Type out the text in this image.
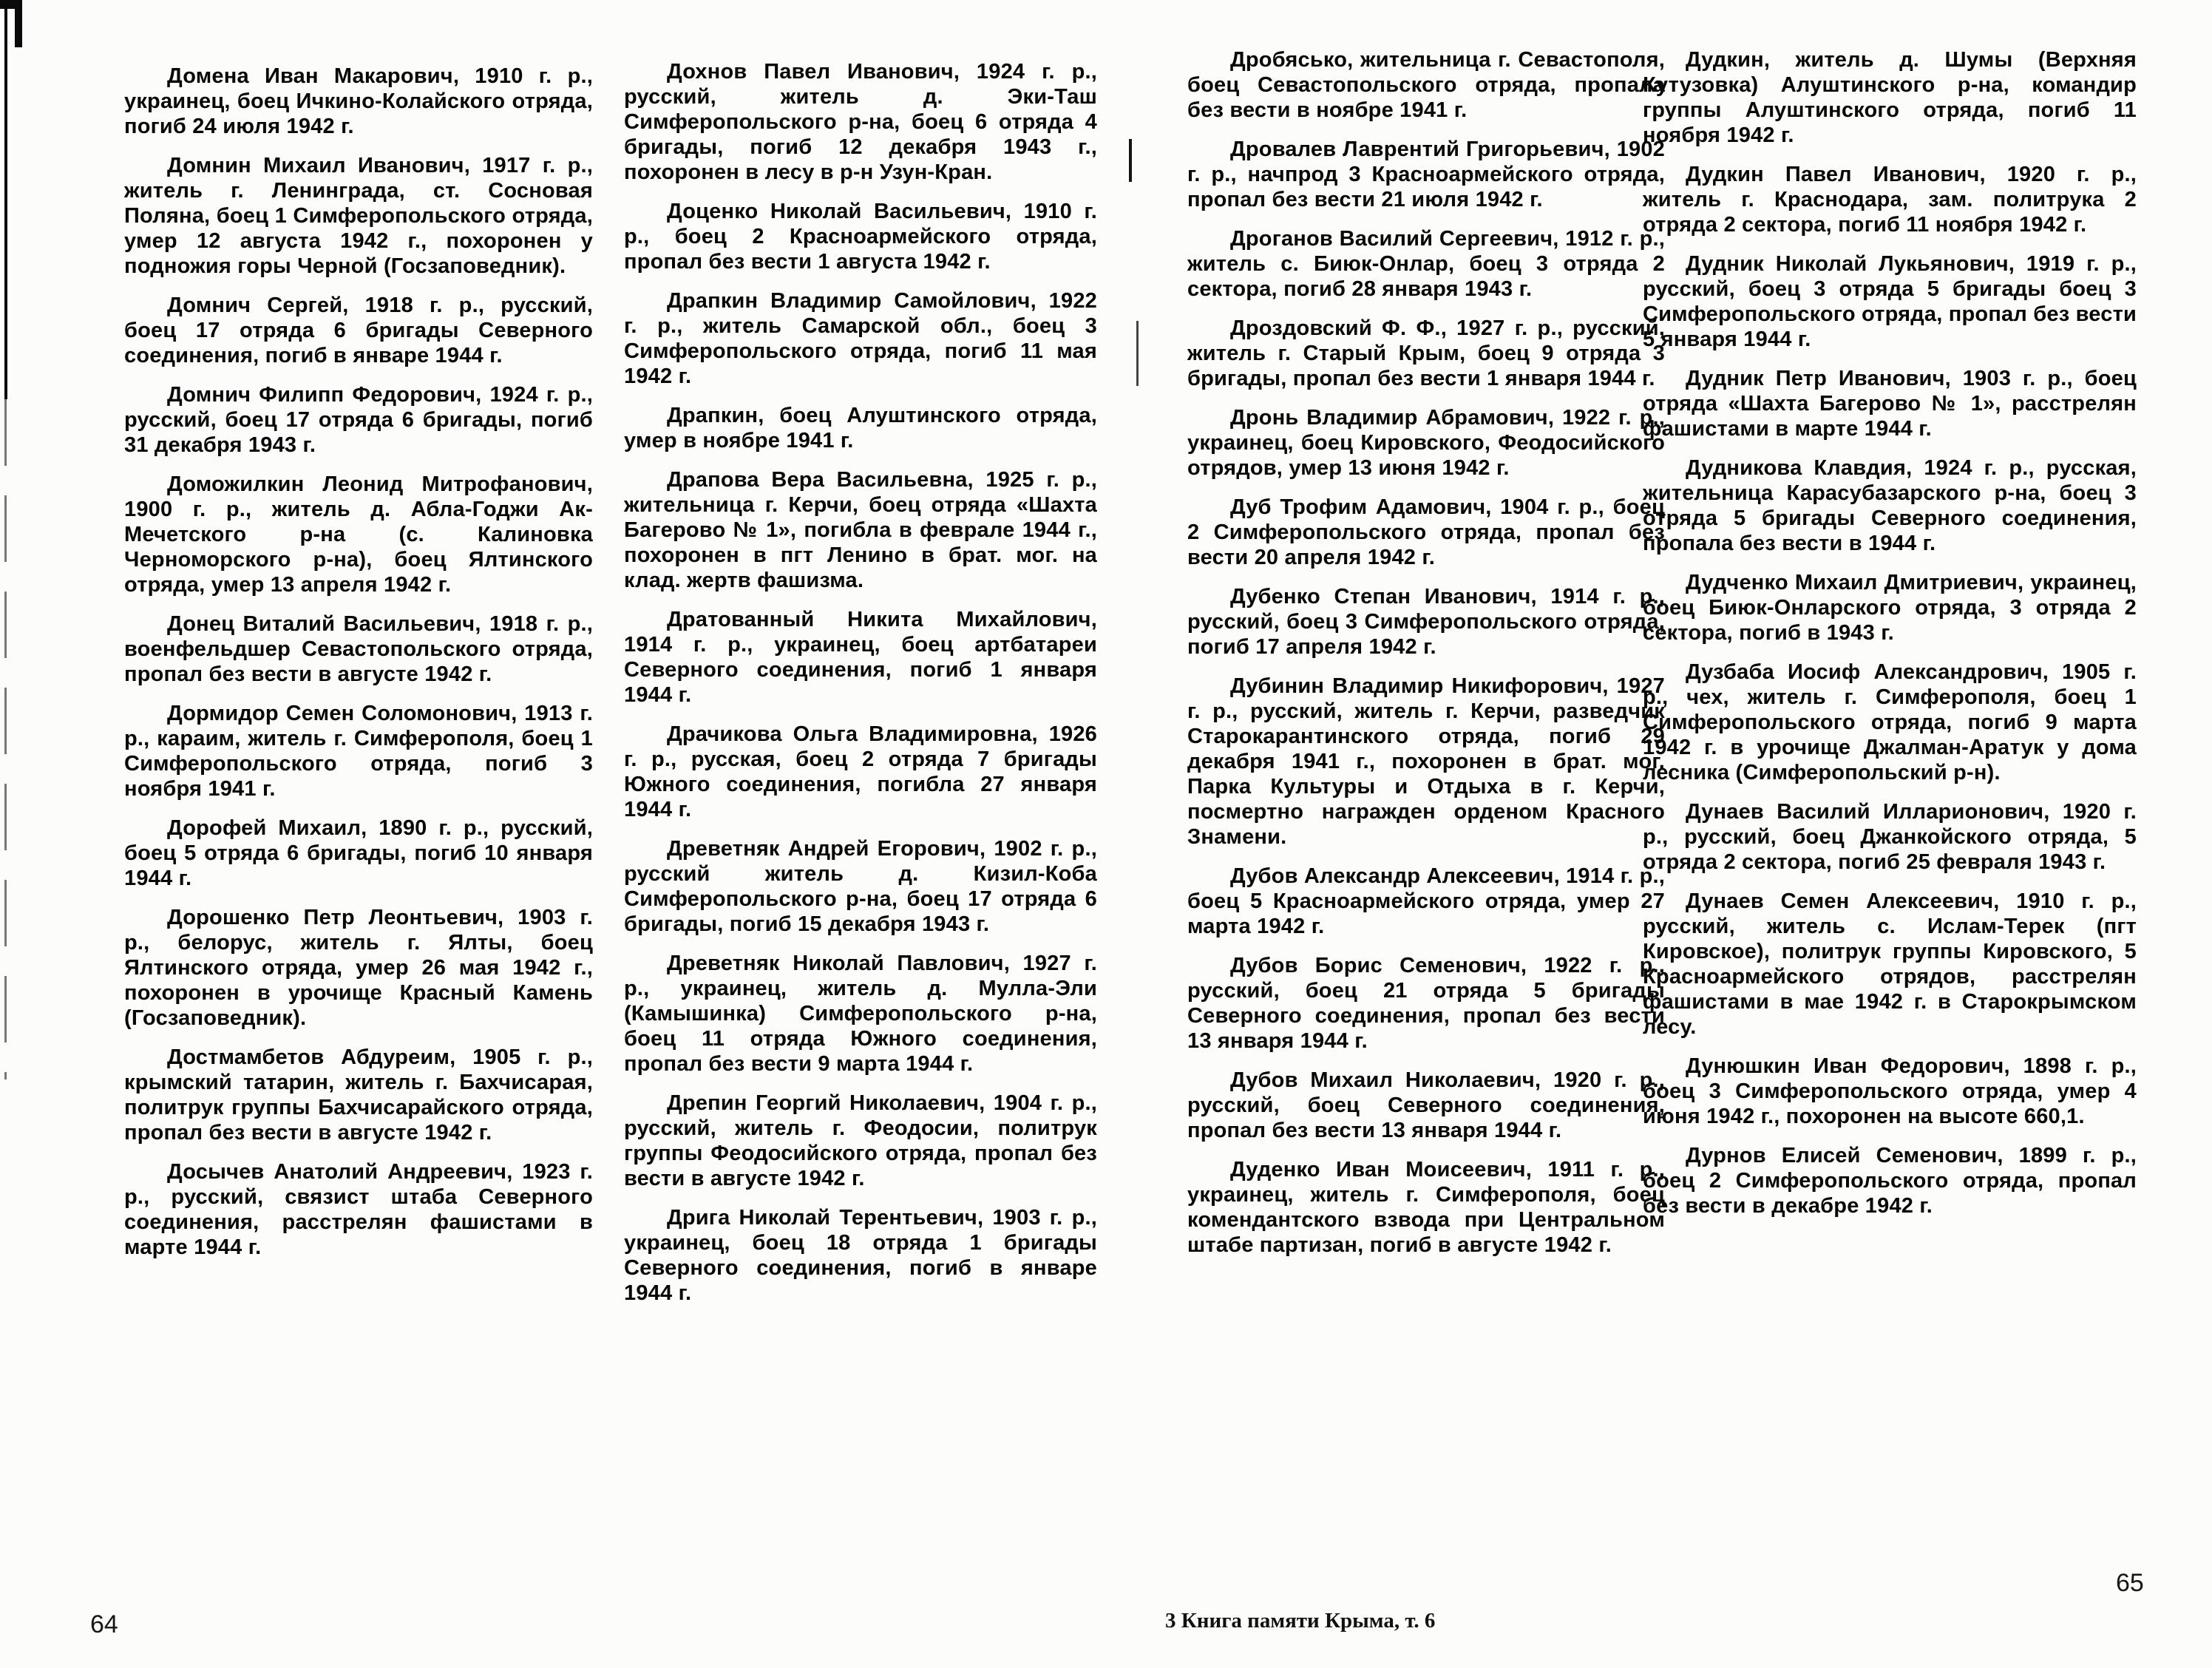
Домена Иван Макарович, 1910 г. р., украинец, боец Ичкино-Колайского отряда, погиб 24 июля 1942 г.

Домнин Михаил Иванович, 1917 г. р., житель г. Ленинграда, ст. Сосновая Поляна, боец 1 Симферопольского отряда, умер 12 августа 1942 г., похоронен у подножия горы Черной (Госзаповедник).

Домнич Сергей, 1918 г. р., русский, боец 17 отряда 6 бригады Северного соединения, погиб в январе 1944 г.

Домнич Филипп Федорович, 1924 г. р., русский, боец 17 отряда 6 бригады, погиб 31 декабря 1943 г.

Доможилкин Леонид Митрофанович, 1900 г. р., житель д. Абла-Годжи Ак-Мечетского р-на (с. Калиновка Черноморского р-на), боец Ялтинского отряда, умер 13 апреля 1942 г.

Донец Виталий Васильевич, 1918 г. р., военфельдшер Севастопольского отряда, пропал без вести в августе 1942 г.

Дормидор Семен Соломонович, 1913 г. р., караим, житель г. Симферополя, боец 1 Симферопольского отряда, погиб 3 ноября 1941 г.

Дорофей Михаил, 1890 г. р., русский, боец 5 отряда 6 бригады, погиб 10 января 1944 г.

Дорошенко Петр Леонтьевич, 1903 г. р., белорус, житель г. Ялты, боец Ялтинского отряда, умер 26 мая 1942 г., похоронен в урочище Красный Камень (Госзаповедник).

Достмамбетов Абдуреим, 1905 г. р., крымский татарин, житель г. Бахчисарая, политрук группы Бахчисарайского отряда, пропал без вести в августе 1942 г.

Досычев Анатолий Андреевич, 1923 г. р., русский, связист штаба Северного соединения, расстрелян фашистами в марте 1944 г.

Дохнов Павел Иванович, 1924 г. р., русский, житель д. Эки-Таш Симферопольского р-на, боец 6 отряда 4 бригады, погиб 12 декабря 1943 г., похоронен в лесу в р-н Узун-Кран.

Доценко Николай Васильевич, 1910 г. р., боец 2 Красноармейского отряда, пропал без вести 1 августа 1942 г.

Драпкин Владимир Самойлович, 1922 г. р., житель Самарской обл., боец 3 Симферопольского отряда, погиб 11 мая 1942 г.

Драпкин, боец Алуштинского отряда, умер в ноябре 1941 г.

Драпова Вера Васильевна, 1925 г. р., жительница г. Керчи, боец отряда «Шахта Багерово № 1», погибла в феврале 1944 г., похоронен в пгт Ленино в брат. мог. на клад. жертв фашизма.

Дратованный Никита Михайлович, 1914 г. р., украинец, боец артбатареи Северного соединения, погиб 1 января 1944 г.

Драчикова Ольга Владимировна, 1926 г. р., русская, боец 2 отряда 7 бригады Южного соединения, погибла 27 января 1944 г.

Древетняк Андрей Егорович, 1902 г. р., русский житель д. Кизил-Коба Симферопольского р-на, боец 17 отряда 6 бригады, погиб 15 декабря 1943 г.

Древетняк Николай Павлович, 1927 г. р., украинец, житель д. Мулла-Эли (Камышинка) Симферопольского р-на, боец 11 отряда Южного соединения, пропал без вести 9 марта 1944 г.

Дрепин Георгий Николаевич, 1904 г. р., русский, житель г. Феодосии, политрук группы Феодосийского отряда, пропал без вести в августе 1942 г.

Дрига Николай Терентьевич, 1903 г. р., украинец, боец 18 отряда 1 бригады Северного соединения, погиб в январе 1944 г.

Дробясько, жительница г. Севастополя, боец Севастопольского отряда, пропала без вести в ноябре 1941 г.

Дровалев Лаврентий Григорьевич, 1902 г. р., начпрод 3 Красноармейского отряда, пропал без вести 21 июля 1942 г.

Дроганов Василий Сергеевич, 1912 г. р., житель с. Биюк-Онлар, боец 3 отряда 2 сектора, погиб 28 января 1943 г.

Дроздовский Ф. Ф., 1927 г. р., русский, житель г. Старый Крым, боец 9 отряда 3 бригады, пропал без вести 1 января 1944 г.

Дронь Владимир Абрамович, 1922 г. р., украинец, боец Кировского, Феодосийского отрядов, умер 13 июня 1942 г.

Дуб Трофим Адамович, 1904 г. р., боец 2 Симферопольского отряда, пропал без вести 20 апреля 1942 г.

Дубенко Степан Иванович, 1914 г. р., русский, боец 3 Симферопольского отряда, погиб 17 апреля 1942 г.

Дубинин Владимир Никифорович, 1927 г. р., русский, житель г. Керчи, разведчик Старокарантинского отряда, погиб 29 декабря 1941 г., похоронен в брат. мог. Парка Культуры и Отдыха в г. Керчи, посмертно награжден орденом Красного Знамени.

Дубов Александр Алексеевич, 1914 г. р., боец 5 Красноармейского отряда, умер 27 марта 1942 г.

Дубов Борис Семенович, 1922 г. р., русский, боец 21 отряда 5 бригады Северного соединения, пропал без вести 13 января 1944 г.

Дубов Михаил Николаевич, 1920 г. р., русский, боец Северного соединения, пропал без вести 13 января 1944 г.

Дуденко Иван Моисеевич, 1911 г. р., украинец, житель г. Симферополя, боец комендантского взвода при Центральном штабе партизан, погиб в августе 1942 г.

Дудкин, житель д. Шумы (Верхняя Кутузовка) Алуштинского р-на, командир группы Алуштинского отряда, погиб 11 ноября 1942 г.

Дудкин Павел Иванович, 1920 г. р., житель г. Краснодара, зам. политрука 2 отряда 2 сектора, погиб 11 ноября 1942 г.

Дудник Николай Лукьянович, 1919 г. р., русский, боец 3 отряда 5 бригады боец 3 Симферопольского отряда, пропал без вести 5 января 1944 г.

Дудник Петр Иванович, 1903 г. р., боец отряда «Шахта Багерово № 1», расстрелян фашистами в марте 1944 г.

Дудникова Клавдия, 1924 г. р., русская, жительница Карасубазарского р-на, боец 3 отряда 5 бригады Северного соединения, пропала без вести в 1944 г.

Дудченко Михаил Дмитриевич, украинец, боец Биюк-Онларского отряда, 3 отряда 2 сектора, погиб в 1943 г.

Дузбаба Иосиф Александрович, 1905 г. р., чех, житель г. Симферополя, боец 1 Симферопольского отряда, погиб 9 марта 1942 г. в урочище Джалман-Аратук у дома лесника (Симферопольский р-н).

Дунаев Василий Илларионович, 1920 г. р., русский, боец Джанкойского отряда, 5 отряда 2 сектора, погиб 25 февраля 1943 г.

Дунаев Семен Алексеевич, 1910 г. р., русский, житель с. Ислам-Терек (пгт Кировское), политрук группы Кировского, 5 Красноармейского отрядов, расстрелян фашистами в мае 1942 г. в Старокрымском лесу.

Дунюшкин Иван Федорович, 1898 г. р., боец 3 Симферопольского отряда, умер 4 июня 1942 г., похоронен на высоте 660,1.

Дурнов Елисей Семенович, 1899 г. р., боец 2 Симферопольского отряда, пропал без вести в декабре 1942 г.

64
65
3 Книга памяти Крыма, т. 6
